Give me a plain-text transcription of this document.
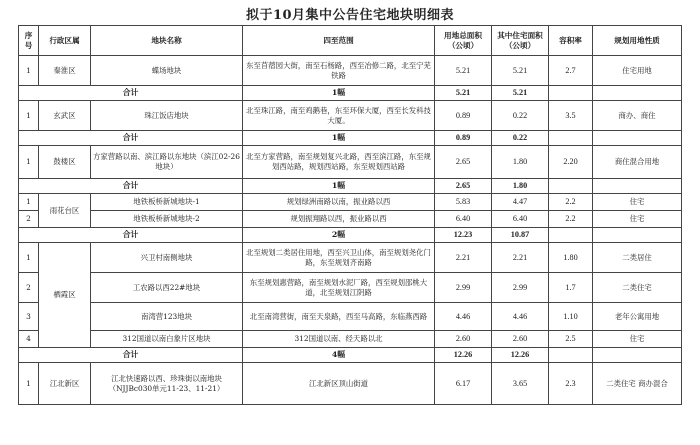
拟于10月集中公告住宅地块明细表
序号	行政区属	地块名称	四至范围	用地总面积（公顷）	其中住宅面积（公顷）	容积率	规划用地性质
1	秦淮区	蝶场地块	东至苜蓿园大街，南至石杨路，西至冶修二路，北至宁芜铁路	5.21	5.21	2.7	住宅用地
合计			1幅	5.21	5.21		
1	玄武区	珠江饭店地块	北至珠江路，南至鸡鹅巷，东至环保大厦，西至长发科技大厦。	0.89	0.22	3.5	商办、商住
合计			1幅	0.89	0.22		
1	鼓楼区	方家营路以南、滨江路以东地块（滨江02-26地块）	北至方家营路，南至规划复兴北路，西至滨江路，东至规划西站路，规划西站路，东至规划西站路	2.65	1.80	2.20	商住混合用地
合计			1幅	2.65	1.80		
1	雨花台区	地铁板桥新城地块-1	规划绿洲南路以南，振业路以西	5.83	4.47	2.2	住宅
2		地铁板桥新城地块-2	规划振翔路以西，振业路以西	6.40	6.40	2.2	住宅
合计			2幅	12.23	10.87		
1	栖霞区	兴卫村南侧地块	北至规划二类居住用地，西至兴卫山体，南至规划尧化门路，东至规划齐南路	2.21	2.21	1.80	二类居住
2		工农路以西22#地块	东至规划惠营路，南至规划水泥厂路，西至规划邵桃大道，北至规划江阴路	2.99	2.99	1.7	二类住宅
3		南湾营123地块	北至南湾营街，南至天泉路，西至马高路，东临燕西路	4.46	4.46	1.10	老年公寓用地
4		312国道以南白象片区地块	312国道以南、经天路以北	2.60	2.60	2.5	住宅
合计			4幅	12.26	12.26		
1	江北新区	江北快速路以西、珍珠街以南地块（NJJBc030单元11-23、11-21）	江北新区顶山街道	6.17	3.65	2.3	二类住宅 商办混合
